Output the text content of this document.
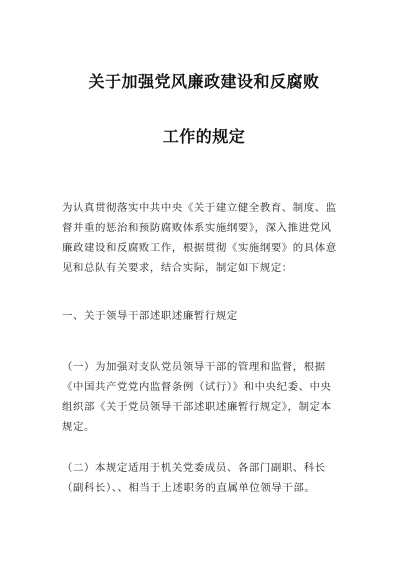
关于加强党风廉政建设和反腐败
工作的规定
为认真贯彻落实中共中央《关于建立健全教育、制度、监
督并重的惩治和预防腐败体系实施纲要》，深入推进党风
廉政建设和反腐败工作，根据贯彻《实施纲要》的具体意
见和总队有关要求，结合实际，制定如下规定：
一、关于领导干部述职述廉暂行规定
（一）为加强对支队党员领导干部的管理和监督，根据
《中国共产党党内监督条例（试行）》和中央纪委、中央
组织部《关于党员领导干部述职述廉暂行规定》，制定本
规定。
（二）本规定适用于机关党委成员、各部门副职、科长
（副科长）、、相当于上述职务的直属单位领导干部。
